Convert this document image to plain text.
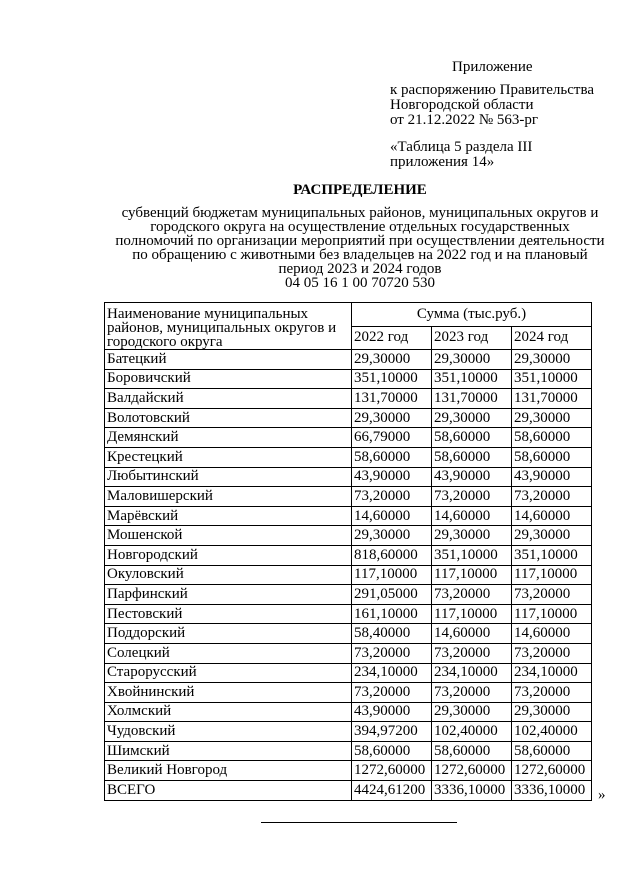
Приложение
к распоряжению Правительства
Новгородской области
от 21.12.2022 № 563-рг
«Таблица 5 раздела III
приложения 14»
РАСПРЕДЕЛЕНИЕ
субвенций бюджетам муниципальных районов, муниципальных округов и городского округа на осуществление отдельных государственных полномочий по организации мероприятий при осуществлении деятельности по обращению с животными без владельцев на 2022 год и на плановый период 2023 и 2024 годов
04 05 16 1 00 70720 530
Наименование муниципальных районов, муниципальных округов и городского округа	Сумма (тыс.руб.)		
	2022 год	2023 год	2024 год
Батецкий	29,30000	29,30000	29,30000
Боровичский	351,10000	351,10000	351,10000
Валдайский	131,70000	131,70000	131,70000
Волотовский	29,30000	29,30000	29,30000
Демянский	66,79000	58,60000	58,60000
Крестецкий	58,60000	58,60000	58,60000
Любытинский	43,90000	43,90000	43,90000
Маловишерский	73,20000	73,20000	73,20000
Марёвский	14,60000	14,60000	14,60000
Мошенской	29,30000	29,30000	29,30000
Новгородский	818,60000	351,10000	351,10000
Окуловский	117,10000	117,10000	117,10000
Парфинский	291,05000	73,20000	73,20000
Пестовский	161,10000	117,10000	117,10000
Поддорский	58,40000	14,60000	14,60000
Солецкий	73,20000	73,20000	73,20000
Старорусский	234,10000	234,10000	234,10000
Хвойнинский	73,20000	73,20000	73,20000
Холмский	43,90000	29,30000	29,30000
Чудовский	394,97200	102,40000	102,40000
Шимский	58,60000	58,60000	58,60000
Великий Новгород	1272,60000	1272,60000	1272,60000
ВСЕГО	4424,61200	3336,10000	3336,10000 »
